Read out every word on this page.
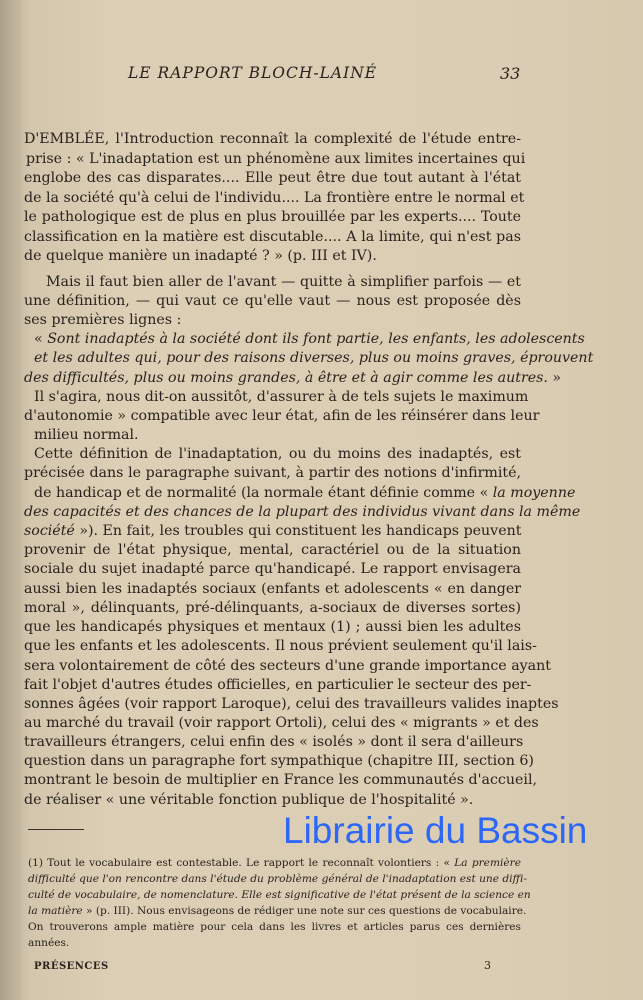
LE RAPPORT BLOCH-LAINÉ	33
D'EMBLÉE, l'Introduction reconnaît la complexité de l'étude entre-
prise : « L'inadaptation est un phénomène aux limites incertaines qui
englobe des cas disparates.... Elle peut être due tout autant à l'état
de la société qu'à celui de l'individu.... La frontière entre le normal et
le pathologique est de plus en plus brouillée par les experts.... Toute
classification en la matière est discutable.... A la limite, qui n'est pas
de quelque manière un inadapté ? » (p. III et IV).
Mais il faut bien aller de l'avant — quitte à simplifier parfois — et
une définition, — qui vaut ce qu'elle vaut — nous est proposée dès
ses premières lignes :
« Sont inadaptés à la société dont ils font partie, les enfants, les adolescents
et les adultes qui, pour des raisons diverses, plus ou moins graves, éprouvent
des difficultés, plus ou moins grandes, à être et à agir comme les autres. »
Il s'agira, nous dit-on aussitôt, d'assurer à de tels sujets le maximum
d'autonomie » compatible avec leur état, afin de les réinsérer dans leur
milieu normal.
Cette définition de l'inadaptation, ou du moins des inadaptés, est
précisée dans le paragraphe suivant, à partir des notions d'infirmité,
de handicap et de normalité (la normale étant définie comme « la moyenne
des capacités et des chances de la plupart des individus vivant dans la même
société »). En fait, les troubles qui constituent les handicaps peuvent
provenir de l'état physique, mental, caractériel ou de la situation
sociale du sujet inadapté parce qu'handicapé. Le rapport envisagera
aussi bien les inadaptés sociaux (enfants et adolescents « en danger
moral », délinquants, pré-délinquants, a-sociaux de diverses sortes)
que les handicapés physiques et mentaux (1) ; aussi bien les adultes
que les enfants et les adolescents. Il nous prévient seulement qu'il lais-
sera volontairement de côté des secteurs d'une grande importance ayant
fait l'objet d'autres études officielles, en particulier le secteur des per-
sonnes âgées (voir rapport Laroque), celui des travailleurs valides inaptes
au marché du travail (voir rapport Ortoli), celui des « migrants » et des
travailleurs étrangers, celui enfin des « isolés » dont il sera d'ailleurs
question dans un paragraphe fort sympathique (chapitre III, section 6)
montrant le besoin de multiplier en France les communautés d'accueil,
de réaliser « une véritable fonction publique de l'hospitalité ».
(1) Tout le vocabulaire est contestable. Le rapport le reconnaît volontiers : « La première
difficulté que l'on rencontre dans l'étude du problème général de l'inadaptation est une diffi-
culté de vocabulaire, de nomenclature. Elle est significative de l'état présent de la science en
la matière » (p. III). Nous envisageons de rédiger une note sur ces questions de vocabulaire.
On trouverons ample matière pour cela dans les livres et articles parus ces dernières
années.
PRÉSENCES	3
Librairie du Bassin
